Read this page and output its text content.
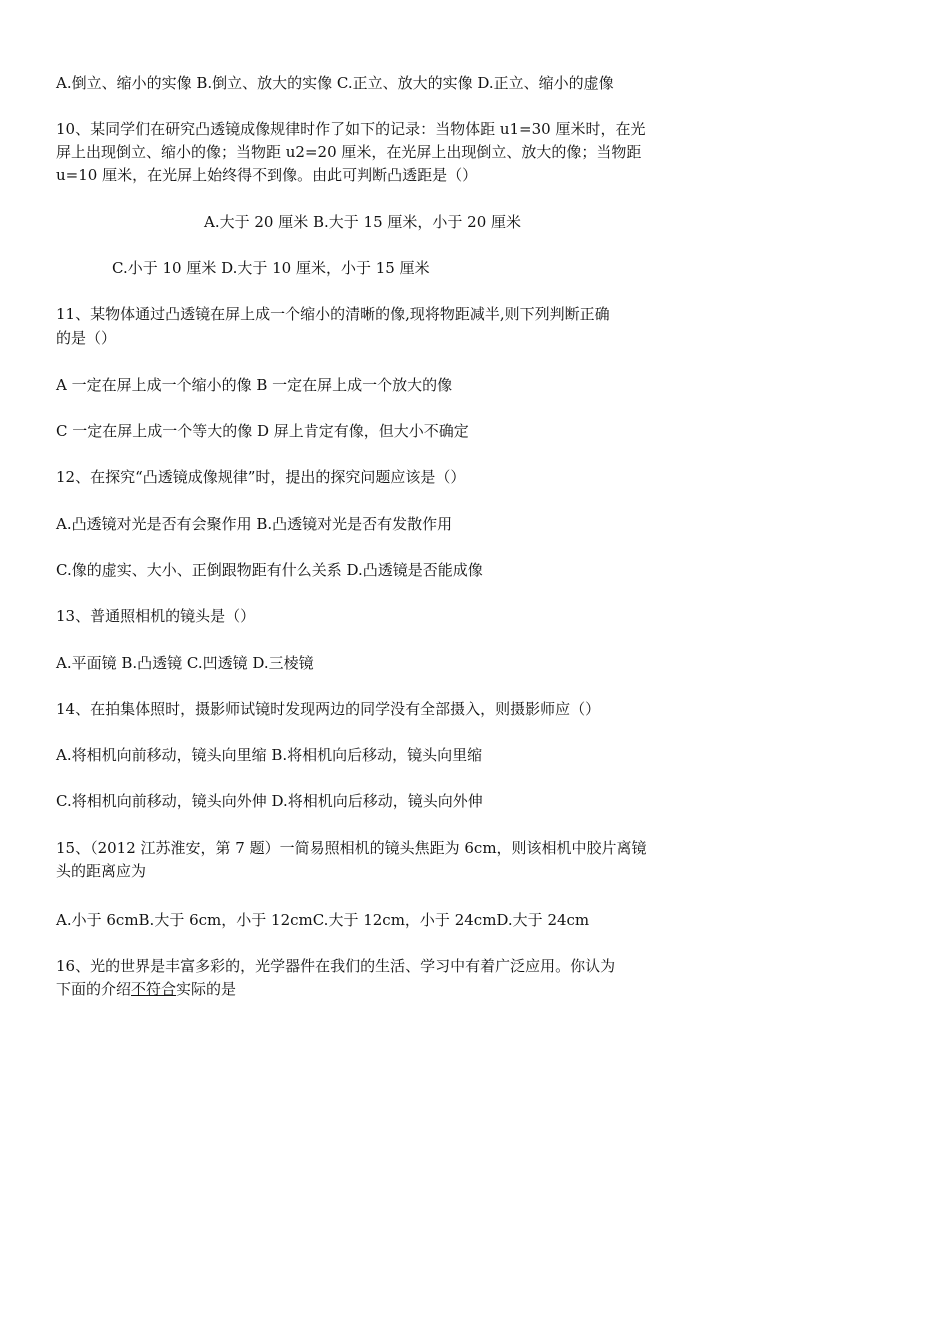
A.倒立、缩小的实像 B.倒立、放大的实像 C.正立、放大的实像 D.正立、缩小的虚像
10、某同学们在研究凸透镜成像规律时作了如下的记录：当物体距 u1=30 厘米时，在光
屏上出现倒立、缩小的像；当物距 u2=20 厘米，在光屏上出现倒立、放大的像；当物距
u=10 厘米，在光屏上始终得不到像。由此可判断凸透距是（）
A.大于 20 厘米 B.大于 15 厘米，小于 20 厘米
C.小于 10 厘米 D.大于 10 厘米，小于 15 厘米
11、某物体通过凸透镜在屏上成一个缩小的清晰的像,现将物距减半,则下列判断正确
的是（）
A 一定在屏上成一个缩小的像 B 一定在屏上成一个放大的像
C 一定在屏上成一个等大的像 D 屏上肯定有像，但大小不确定
12、在探究“凸透镜成像规律”时，提出的探究问题应该是（）
A.凸透镜对光是否有会聚作用 B.凸透镜对光是否有发散作用
C.像的虚实、大小、正倒跟物距有什么关系 D.凸透镜是否能成像
13、普通照相机的镜头是（）
A.平面镜 B.凸透镜 C.凹透镜 D.三棱镜
14、在拍集体照时，摄影师试镜时发现两边的同学没有全部摄入，则摄影师应（）
A.将相机向前移动，镜头向里缩 B.将相机向后移动，镜头向里缩
C.将相机向前移动，镜头向外伸 D.将相机向后移动，镜头向外伸
15、（2012 江苏淮安，第 7 题）一简易照相机的镜头焦距为 6cm，则该相机中胶片离镜
头的距离应为
A.小于 6cmB.大于 6cm，小于 12cmC.大于 12cm，小于 24cmD.大于 24cm
16、光的世界是丰富多彩的，光学器件在我们的生活、学习中有着广泛应用。你认为
下面的介绍不符合实际的是
